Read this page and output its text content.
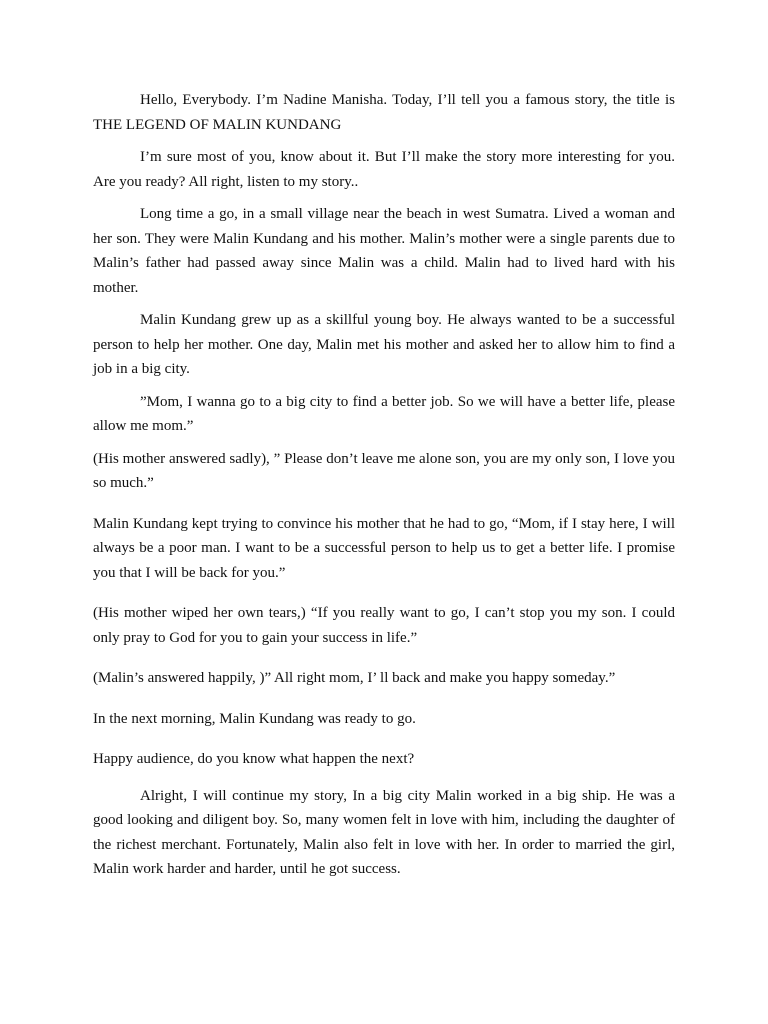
Hello, Everybody. I’m Nadine Manisha. Today, I’ll tell you a famous story, the title is THE LEGEND OF MALIN KUNDANG

I’m sure most of you, know about it. But I’ll make the story more interesting for you. Are you ready? All right, listen to my story..

Long time a go, in a small village near the beach in west Sumatra. Lived a woman and her son. They were Malin Kundang and his mother. Malin’s mother were a single parents due to Malin’s father had passed away since Malin was a child. Malin had to lived hard with his mother.

Malin Kundang grew up as a skillful young boy. He always wanted to be a successful person to help her mother. One day, Malin met his mother and asked her to allow him to find a job in a big city.

”Mom, I wanna go to a big city to find a better job. So we will have a better life, please allow me mom.”

(His mother answered sadly), ” Please don’t leave me alone son, you are my only son, I love you so much.”

Malin Kundang kept trying to convince his mother that he had to go, “Mom, if I stay here, I will always be a poor man. I want to be a successful person to help us to get a better life. I promise you that I will be back for you.”

(His mother wiped her own tears,) “If you really want to go, I can’t stop you my son. I could only pray to God for you to gain your success in life.”

(Malin’s answered happily, )” All right mom, I’ ll back and make you happy someday.”

In the next morning, Malin Kundang was ready to go.

Happy audience, do you know what happen the next?

Alright, I will continue my story, In a big city Malin worked in a big ship. He was a good looking and diligent boy. So, many women felt in love with him, including the daughter of the richest merchant. Fortunately, Malin also felt in love with her. In order to married the girl, Malin work harder and harder, until he got success.
